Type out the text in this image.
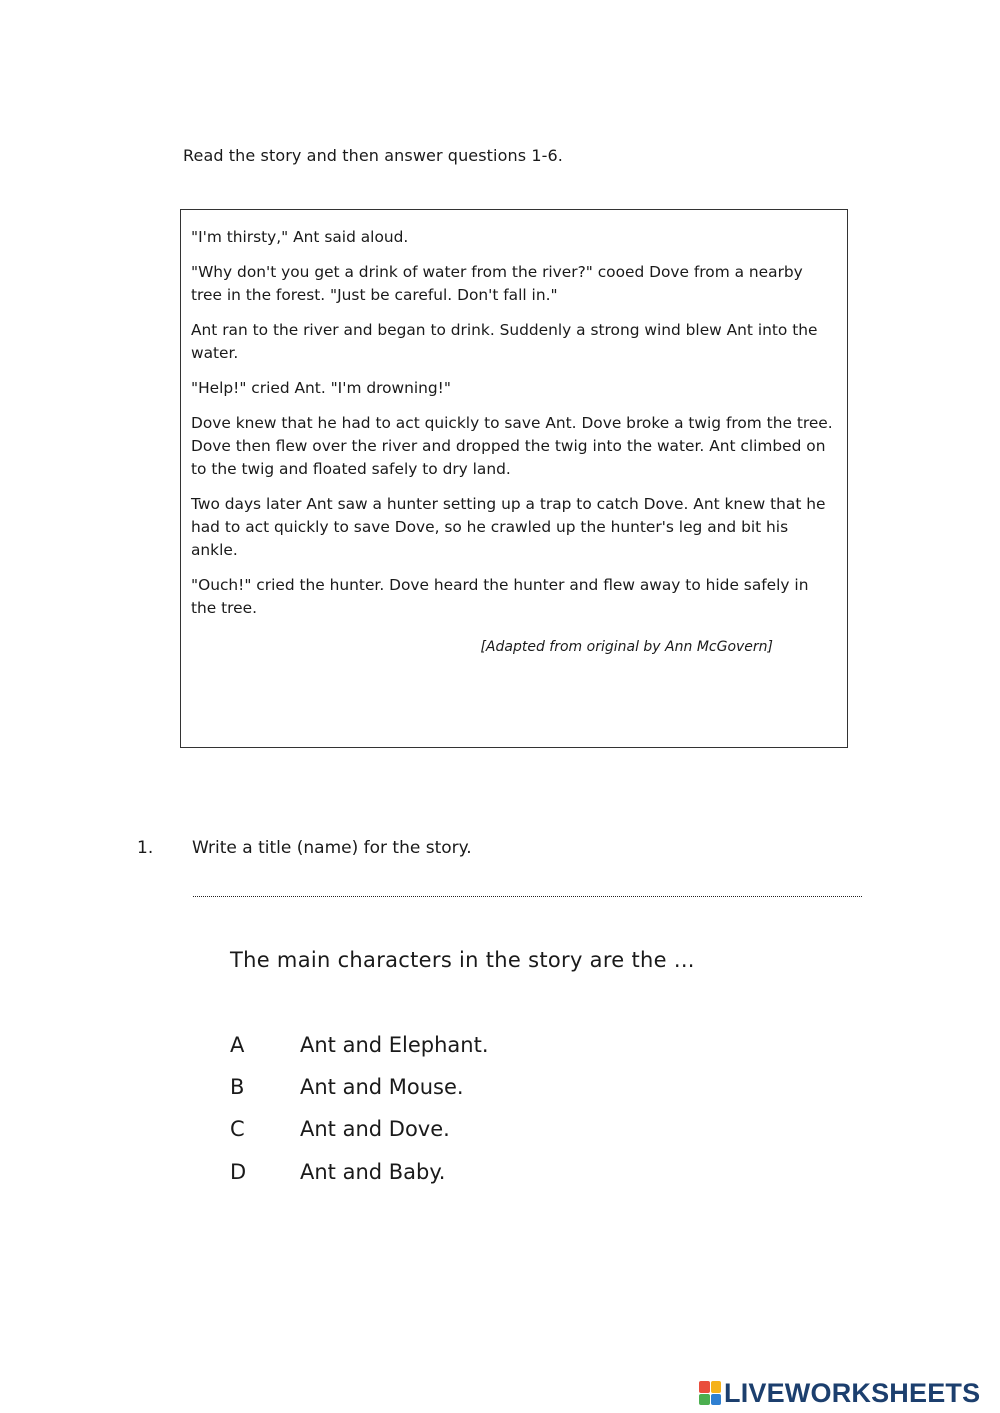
Read the story and then answer questions 1-6.

"I'm thirsty," Ant said aloud.

"Why don't you get a drink of water from the river?" cooed Dove from a nearby tree in the forest. "Just be careful. Don't fall in."

Ant ran to the river and began to drink. Suddenly a strong wind blew Ant into the water.

"Help!" cried Ant. "I'm drowning!"

Dove knew that he had to act quickly to save Ant. Dove broke a twig from the tree. Dove then flew over the river and dropped the twig into the water. Ant climbed on to the twig and floated safely to dry land.

Two days later Ant saw a hunter setting up a trap to catch Dove. Ant knew that he had to act quickly to save Dove, so he crawled up the hunter's leg and bit his ankle.

"Ouch!" cried the hunter. Dove heard the hunter and flew away to hide safely in the tree.

[Adapted from original by Ann McGovern]

1. Write a title (name) for the story.
The main characters in the story are the ...
A	Ant and Elephant.
B	Ant and Mouse.
C	Ant and Dove.
D	Ant and Baby.
LIVEWORKSHEETS
